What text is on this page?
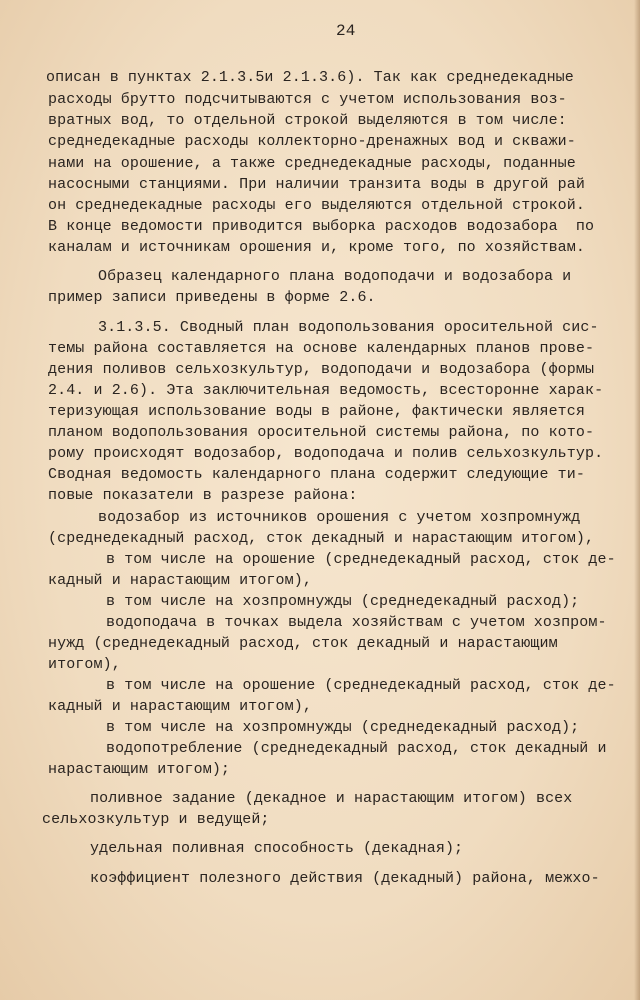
24
описан в пунктах 2.1.3.5и 2.1.3.6). Так как среднедекадные
расходы брутто подсчитываются с учетом использования воз-
вратных вод, то отдельной строкой выделяются в том числе:
среднедекадные расходы коллекторно-дренажных вод и скважи-
нами на орошение, а также среднедекадные расходы, поданные
насосными станциями. При наличии транзита воды в другой рай
он среднедекадные расходы его выделяются отдельной строкой.
В конце ведомости приводится выборка расходов водозабора  по
каналам и источникам орошения и, кроме того, по хозяйствам.
Образец календарного плана водоподачи и водозабора и
пример записи приведены в форме 2.6.
3.1.3.5. Сводный план водопользования оросительной сис-
темы района составляется на основе календарных планов прове-
дения поливов сельхозкультур, водоподачи и водозабора (формы
2.4. и 2.6). Эта заключительная ведомость, всесторонне харак-
теризующая использование воды в районе, фактически является
планом водопользования оросительной системы района, по кото-
рому происходят водозабор, водоподача и полив сельхозкультур.
Сводная ведомость календарного плана содержит следующие ти-
повые показатели в разрезе района:
водозабор из источников орошения с учетом хозпромнужд
(среднедекадный расход, сток декадный и нарастающим итогом),
в том числе на орошение (среднедекадный расход, сток де-
кадный и нарастающим итогом),
в том числе на хозпромнужды (среднедекадный расход);
водоподача в точках выдела хозяйствам с учетом хозпром-
нужд (среднедекадный расход, сток декадный и нарастающим
итогом),
в том числе на орошение (среднедекадный расход, сток де-
кадный и нарастающим итогом),
в том числе на хозпромнужды (среднедекадный расход);
водопотребление (среднедекадный расход, сток декадный и
нарастающим итогом);
поливное задание (декадное и нарастающим итогом) всех
сельхозкультур и ведущей;
удельная поливная способность (декадная);
коэффициент полезного действия (декадный) района, межхо-
